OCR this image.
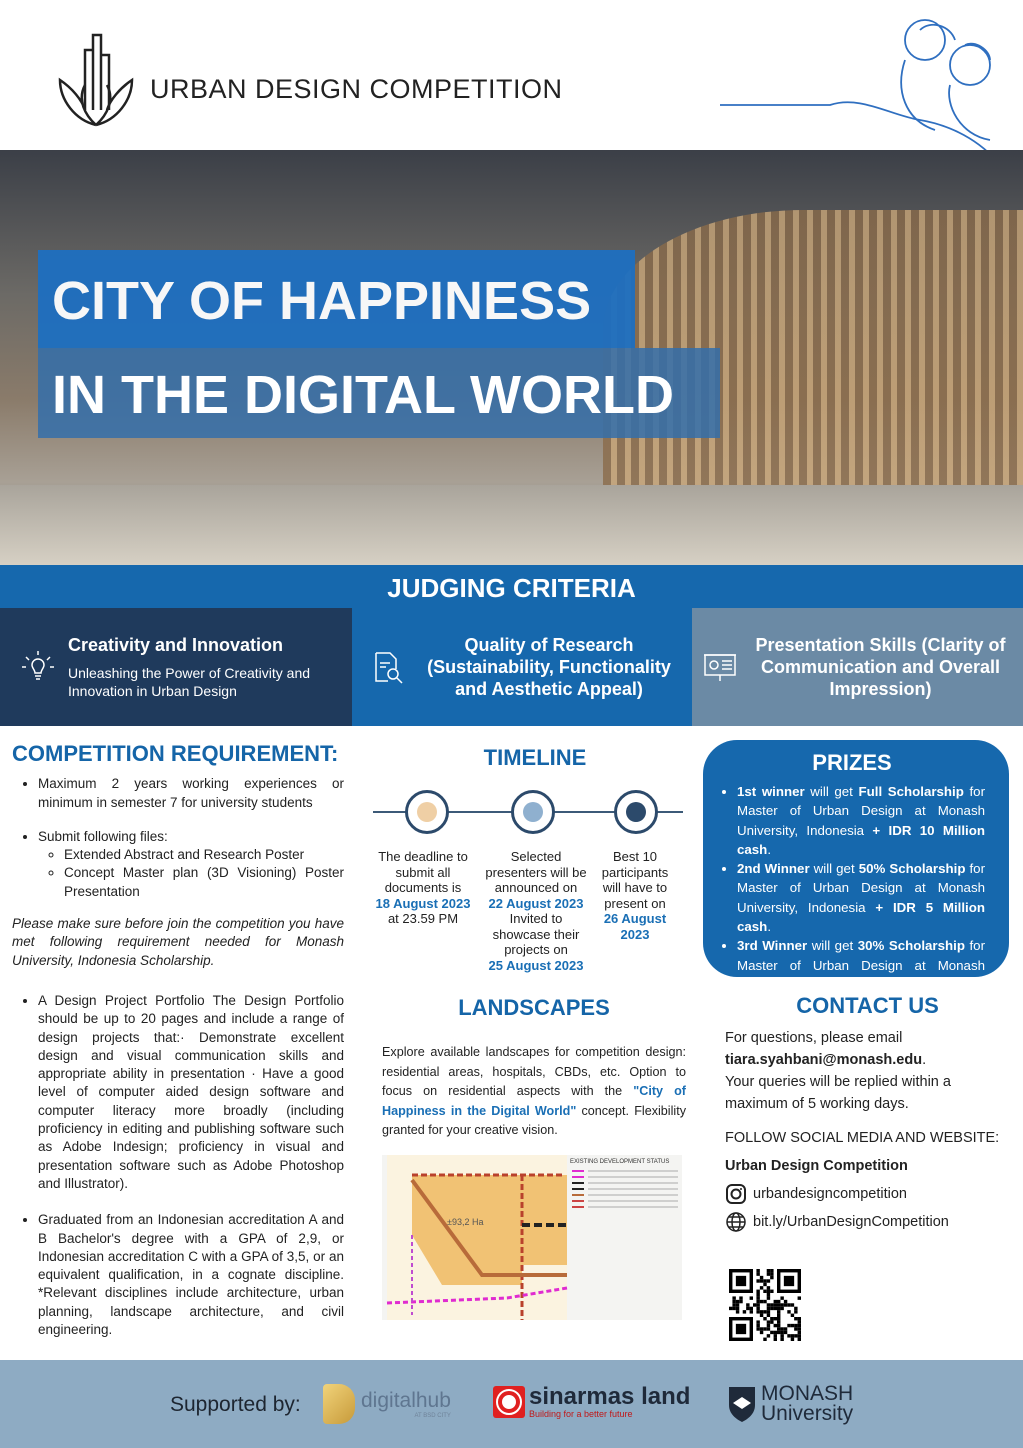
URBAN DESIGN COMPETITION
CITY OF HAPPINESS
IN THE DIGITAL WORLD
JUDGING CRITERIA
Creativity and Innovation
Unleashing the Power of Creativity and Innovation in Urban Design
Quality of Research (Sustainability, Functionality and Aesthetic Appeal)
Presentation Skills (Clarity of Communication and Overall Impression)
COMPETITION REQUIREMENT:
• Maximum 2 years working experiences or minimum in semester 7 for university students
• Submit following files:
◦ Extended Abstract and Research Poster
◦ Concept Master plan (3D Visioning) Poster Presentation

Please make sure before join the competition you have met following requirement needed for Monash University, Indonesia Scholarship.

• A Design Project Portfolio The Design Portfolio should be up to 20 pages and include a range of design projects that:· Demonstrate excellent design and visual communication skills and appropriate ability in presentation · Have a good level of computer aided design software and computer literacy more broadly (including proficiency in editing and publishing software such as Adobe Indesign; proficiency in visual and presentation software such as Adobe Photoshop and Illustrator).
• Graduated from an Indonesian accreditation A and B Bachelor's degree with a GPA of 2,9, or Indonesian accreditation C with a GPA of 3,5, or an equivalent qualification, in a cognate discipline. *Relevant disciplines include architecture, urban planning, landscape architecture, and civil engineering.
TIMELINE
The deadline to submit all documents is
18 August 2023
at 23.59 PM
Selected presenters will be announced on
22 August 2023
Invited to showcase their projects on
25 August 2023
Best 10 participants will have to present on
26 August 2023
PRIZES
• 1st winner will get Full Scholarship for Master of Urban Design at Monash University, Indonesia + IDR 10 Million cash.
• 2nd Winner will get 50% Scholarship for Master of Urban Design at Monash University, Indonesia + IDR 5 Million cash.
• 3rd Winner will get 30% Scholarship for Master of Urban Design at Monash University, Indonesia + IDR 3 Million cash.
LANDSCAPES

Explore available landscapes for competition design: residential areas, hospitals, CBDs, etc. Option to focus on residential aspects with the "City of Happiness in the Digital World" concept. Flexibility granted for your creative vision.

±93,2 Ha
EXISTING DEVELOPMENT STATUS
CONTACT US
For questions, please email
tiara.syahbani@monash.edu.
Your queries will be replied within a maximum of 5 working days.
FOLLOW SOCIAL MEDIA AND WEBSITE:
Urban Design Competition
urbandesigncompetition
bit.ly/UrbanDesignCompetition
Supported by:	digitalhub
AT BSD CITY
sinarmas land
Building for a better future
MONASH
University
